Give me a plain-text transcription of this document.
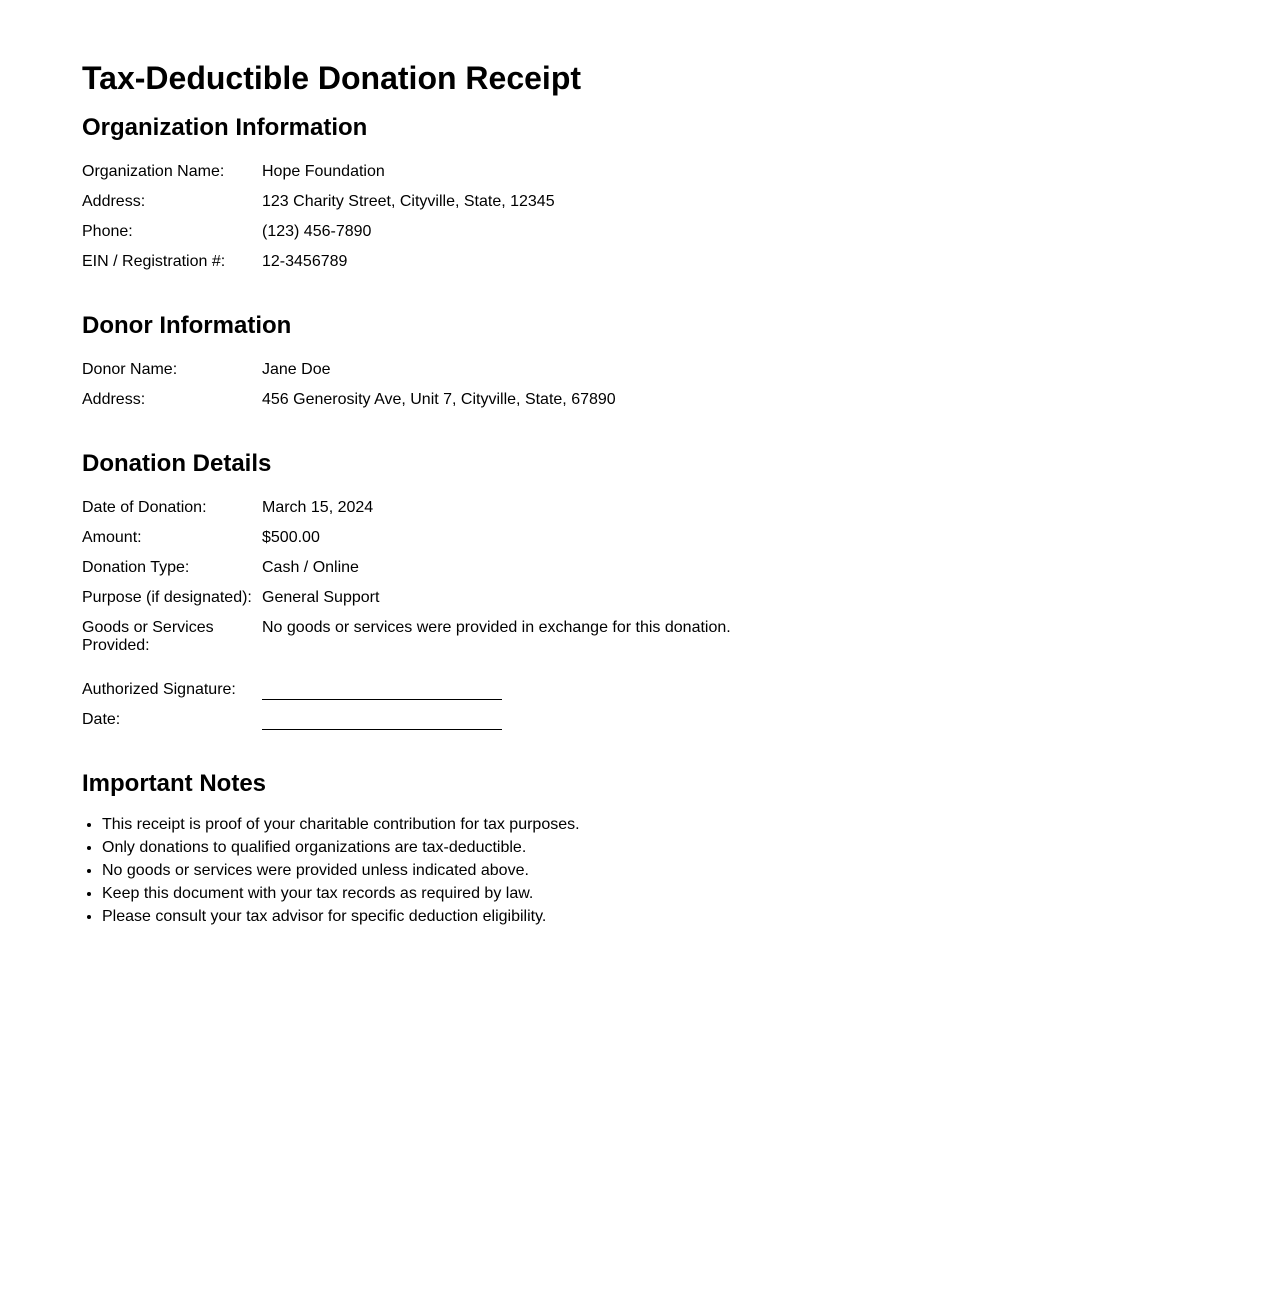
Tax-Deductible Donation Receipt
Organization Information
Organization Name:	Hope Foundation
Address:	123 Charity Street, Cityville, State, 12345
Phone:	(123) 456-7890
EIN / Registration #:	12-3456789
Donor Information
Donor Name:	Jane Doe
Address:	456 Generosity Ave, Unit 7, Cityville, State, 67890
Donation Details
Date of Donation:	March 15, 2024
Amount:	$500.00
Donation Type:	Cash / Online
Purpose (if designated):	General Support
Goods or Services Provided:	No goods or services were provided in exchange for this donation.
Authorized Signature:	
Date:	
Important Notes
• This receipt is proof of your charitable contribution for tax purposes.
• Only donations to qualified organizations are tax-deductible.
• No goods or services were provided unless indicated above.
• Keep this document with your tax records as required by law.
• Please consult your tax advisor for specific deduction eligibility.
